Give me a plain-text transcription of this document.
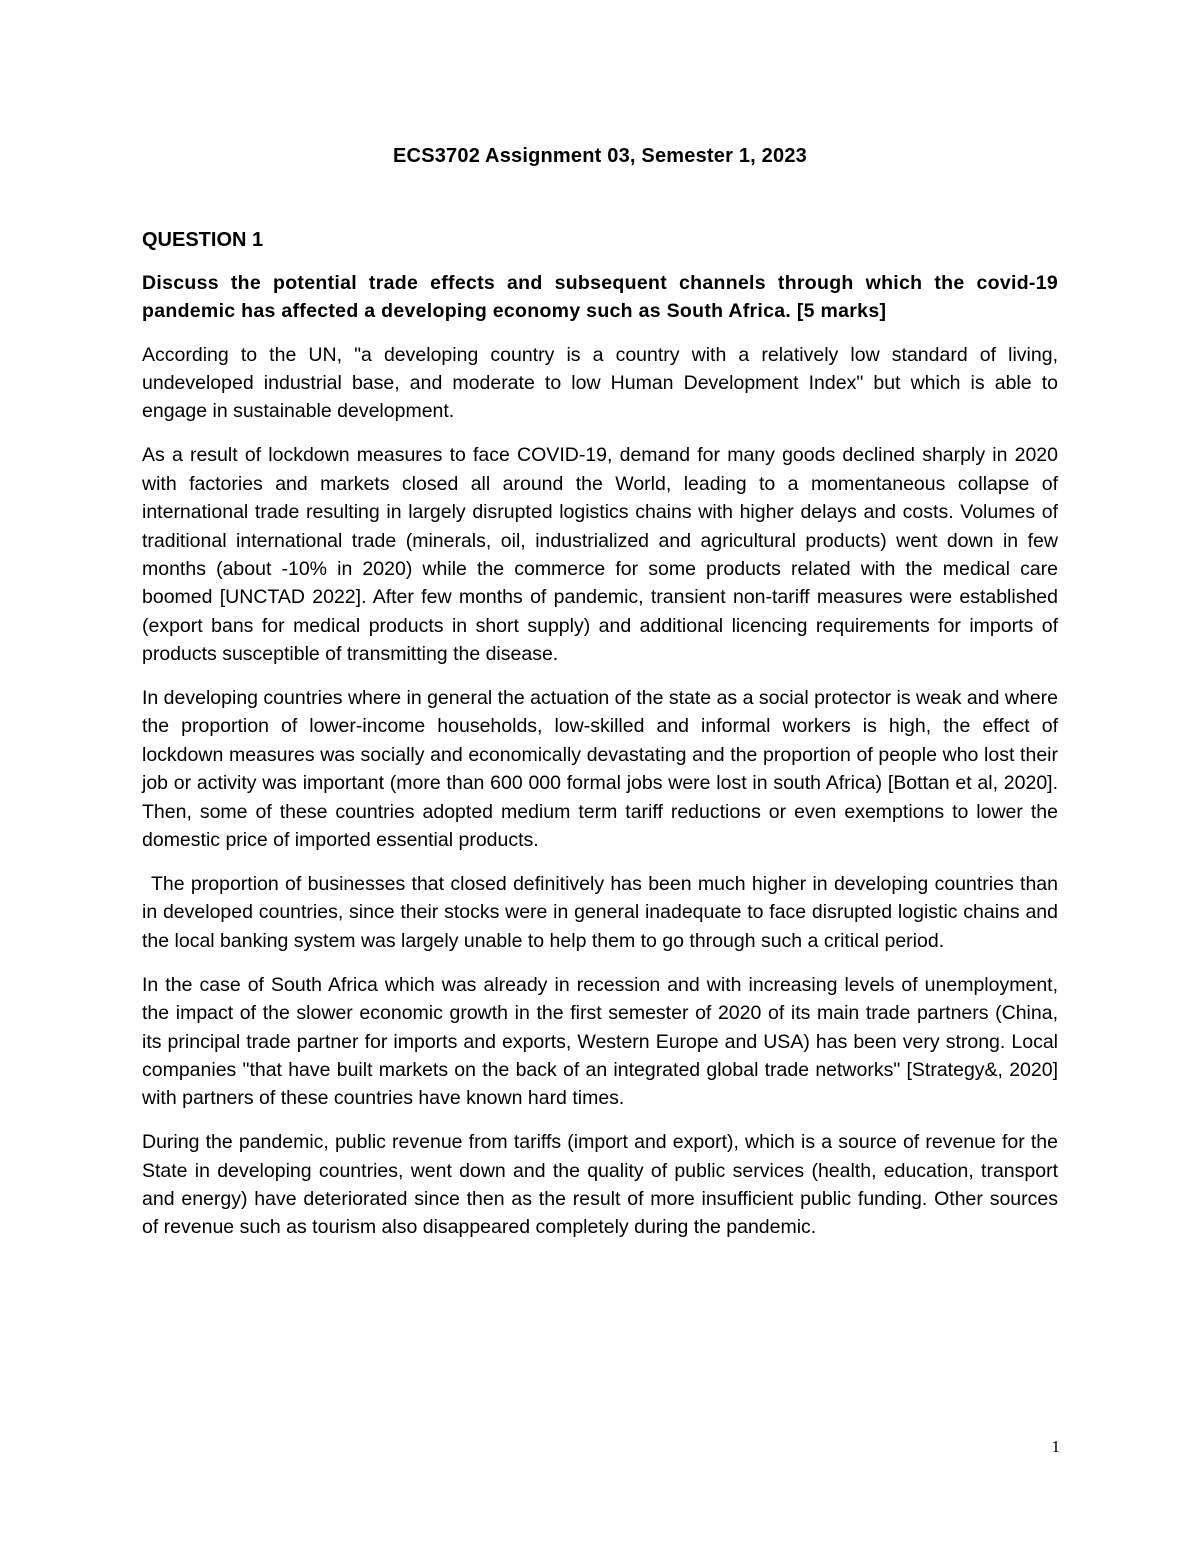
ECS3702 Assignment 03, Semester 1, 2023
QUESTION 1
Discuss the potential trade effects and subsequent channels through which the covid-19 pandemic has affected a developing economy such as South Africa. [5 marks]

According to the UN, "a developing country is a country with a relatively low standard of living, undeveloped industrial base, and moderate to low Human Development Index" but which is able to engage in sustainable development.

As a result of lockdown measures to face COVID-19, demand for many goods declined sharply in 2020 with factories and markets closed all around the World, leading to a momentaneous collapse of international trade resulting in largely disrupted logistics chains with higher delays and costs. Volumes of traditional international trade (minerals, oil, industrialized and agricultural products) went down in few months (about -10% in 2020) while the commerce for some products related with the medical care boomed [UNCTAD 2022]. After few months of pandemic, transient non-tariff measures were established (export bans for medical products in short supply) and additional licencing requirements for imports of products susceptible of transmitting the disease.

In developing countries where in general the actuation of the state as a social protector is weak and where the proportion of lower-income households, low-skilled and informal workers is high, the effect of lockdown measures was socially and economically devastating and the proportion of people who lost their job or activity was important (more than 600 000 formal jobs were lost in south Africa) [Bottan et al, 2020]. Then, some of these countries adopted medium term tariff reductions or even exemptions to lower the domestic price of imported essential products.

The proportion of businesses that closed definitively has been much higher in developing countries than in developed countries, since their stocks were in general inadequate to face disrupted logistic chains and the local banking system was largely unable to help them to go through such a critical period.

In the case of South Africa which was already in recession and with increasing levels of unemployment, the impact of the slower economic growth in the first semester of 2020 of its main trade partners (China, its principal trade partner for imports and exports, Western Europe and USA) has been very strong. Local companies "that have built markets on the back of an integrated global trade networks" [Strategy&, 2020] with partners of these countries have known hard times.

During the pandemic, public revenue from tariffs (import and export), which is a source of revenue for the State in developing countries, went down and the quality of public services (health, education, transport and energy) have deteriorated since then as the result of more insufficient public funding. Other sources of revenue such as tourism also disappeared completely during the pandemic.

1
